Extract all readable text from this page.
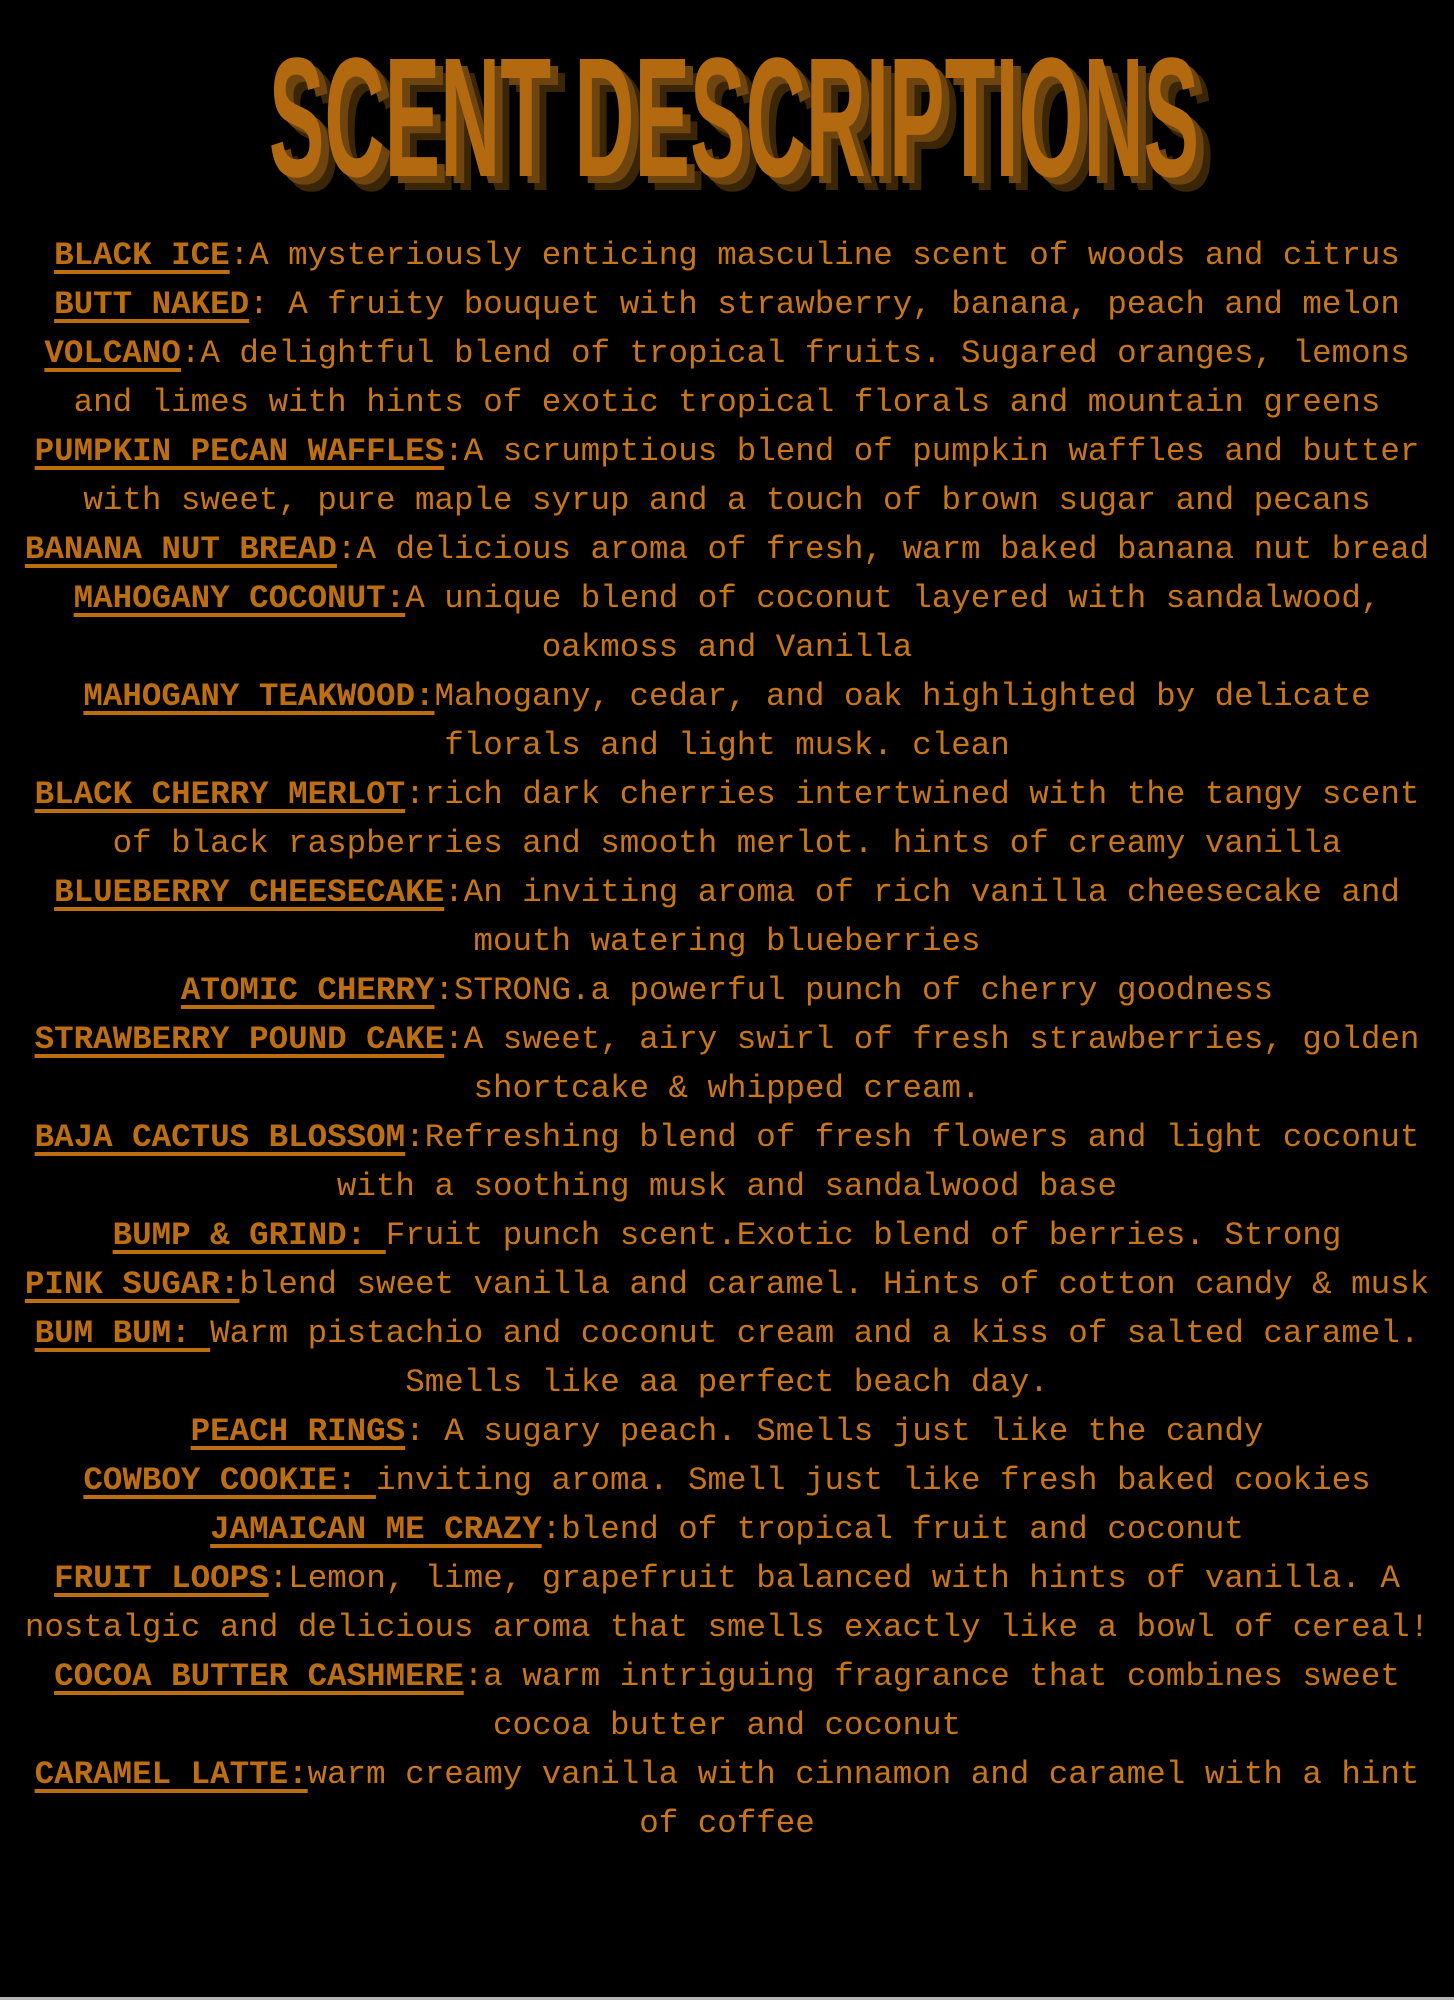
SCENT DESCRIPTIONS

BLACK ICE:A mysteriously enticing masculine scent of woods and citrus

BUTT NAKED: A fruity bouquet with strawberry, banana, peach and melon

VOLCANO:A delightful blend of tropical fruits. Sugared oranges, lemons and limes with hints of exotic tropical florals and mountain greens

PUMPKIN PECAN WAFFLES:A scrumptious blend of pumpkin waffles and butter with sweet, pure maple syrup and a touch of brown sugar and pecans

BANANA NUT BREAD:A delicious aroma of fresh, warm baked banana nut bread

MAHOGANY COCONUT:A unique blend of coconut layered with sandalwood, oakmoss and Vanilla

MAHOGANY TEAKWOOD:Mahogany, cedar, and oak highlighted by delicate florals and light musk. clean

BLACK CHERRY MERLOT:rich dark cherries intertwined with the tangy scent of black raspberries and smooth merlot. hints of creamy vanilla

BLUEBERRY CHEESECAKE:An inviting aroma of rich vanilla cheesecake and mouth watering blueberries

ATOMIC CHERRY:STRONG.a powerful punch of cherry goodness

STRAWBERRY POUND CAKE:A sweet, airy swirl of fresh strawberries, golden shortcake & whipped cream.

BAJA CACTUS BLOSSOM:Refreshing blend of fresh flowers and light coconut with a soothing musk and sandalwood base

BUMP & GRIND: Fruit punch scent.Exotic blend of berries. Strong

PINK SUGAR:blend sweet vanilla and caramel. Hints of cotton candy & musk

BUM BUM: Warm pistachio and coconut cream and a kiss of salted caramel. Smells like aa perfect beach day.

PEACH RINGS: A sugary peach. Smells just like the candy

COWBOY COOKIE: inviting aroma. Smell just like fresh baked cookies

JAMAICAN ME CRAZY:blend of tropical fruit and coconut

FRUIT LOOPS:Lemon, lime, grapefruit balanced with hints of vanilla. A nostalgic and delicious aroma that smells exactly like a bowl of cereal!

COCOA BUTTER CASHMERE:a warm intriguing fragrance that combines sweet cocoa butter and coconut

CARAMEL LATTE:warm creamy vanilla with cinnamon and caramel with a hint of coffee
